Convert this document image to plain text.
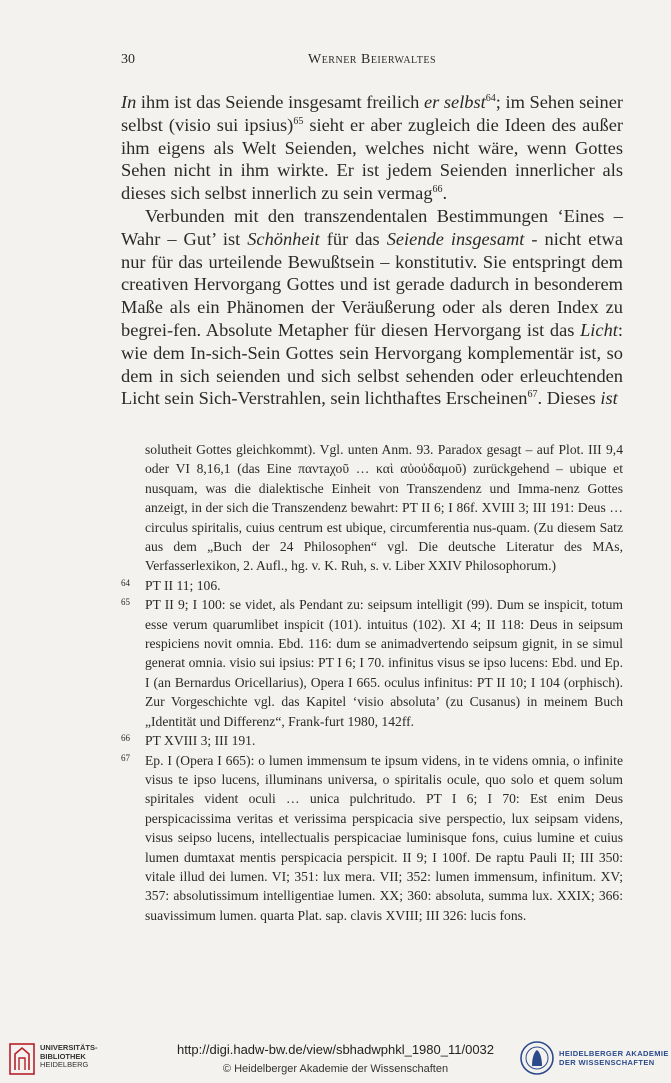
30	Werner Beierwaltes

In ihm ist das Seiende insgesamt freilich er selbst$^{64}$; im Sehen seiner selbst (visio sui ipsius)$^{65}$ sieht er aber zugleich die Ideen des außer ihm eigens als Welt Seienden, welches nicht wäre, wenn Gottes Sehen nicht in ihm wirkte. Er ist jedem Seienden innerlicher als dieses sich selbst innerlich zu sein vermag$^{66}$.

Verbunden mit den transzendentalen Bestimmungen ‘Eines – Wahr – Gut’ ist Schönheit für das Seiende insgesamt - nicht etwa nur für das urteilende Bewußtsein – konstitutiv. Sie entspringt dem creativen Hervorgang Gottes und ist gerade dadurch in besonderem Maße als ein Phänomen der Veräußerung oder als deren Index zu begrei-fen. Absolute Metapher für diesen Hervorgang ist das Licht: wie dem In-sich-Sein Gottes sein Hervorgang komplementär ist, so dem in sich seienden und sich selbst sehenden oder erleuchtenden Licht sein Sich-Verstrahlen, sein lichthaftes Erscheinen$^{67}$. Dieses ist

solutheit Gottes gleichkommt). Vgl. unten Anm. 93. Paradox gesagt – auf Plot. III 9,4 oder VI 8,16,1 (das Eine παντaχοῦ … καὶ αὐοὐδαμοῦ) zurückgehend – ubique et nusquam, was die dialektische Einheit von Transzendenz und Imma-nenz Gottes anzeigt, in der sich die Transzendenz bewahrt: PT II 6; I 86f. XVIII 3; III 191: Deus … circulus spiritalis, cuius centrum est ubique, circumferentia nus-quam. (Zu diesem Satz aus dem „Buch der 24 Philosophen“ vgl. Die deutsche Literatur des MAs, Verfasserlexikon, 2. Aufl., hg. v. K. Ruh, s. v. Liber XXIV Philosophorum.)

64 PT II 11; 106.

65 PT II 9; I 100: se videt, als Pendant zu: seipsum intelligit (99). Dum se inspicit, totum esse verum quarumlibet inspicit (101). intuitus (102). XI 4; II 118: Deus in seipsum respiciens novit omnia. Ebd. 116: dum se animadvertendo seipsum gignit, in se simul generat omnia. visio sui ipsius: PT I 6; I 70. infinitus visus se ipso lucens: Ebd. und Ep. I (an Bernardus Oricellarius), Opera I 665. oculus infinitus: PT II 10; I 104 (orphisch). Zur Vorgeschichte vgl. das Kapitel ‘visio absoluta’ (zu Cusanus) in meinem Buch „Identität und Differenz“, Frank-furt 1980, 142ff.

66 PT XVIII 3; III 191.

67 Ep. I (Opera I 665): o lumen immensum te ipsum videns, in te videns omnia, o infinite visus te ipso lucens, illuminans universa, o spiritalis ocule, quo solo et quem solum spiritales vident oculi … unica pulchritudo. PT I 6; I 70: Est enim Deus perspicacissima veritas et verissima perspicacia sive perspectio, lux seipsam videns, visus seipso lucens, intellectualis perspicaciae luminisque fons, cuius lumine et cuius lumen dumtaxat mentis perspicacia perspicit. II 9; I 100f. De raptu Pauli II; III 350: vitale illud dei lumen. VI; 351: lux mera. VII; 352: lumen immensum, infinitum. XV; 357: absolutissimum intelligentiae lumen. XX; 360: absoluta, summa lux. XXIX; 366: suavissimum lumen. quarta Plat. sap. clavis XVIII; III 326: lucis fons.

UNIVERSITÄTS-
BIBLIOTHEK
HEIDELBERG
http://digi.hadw-bw.de/view/sbhadwphkl_1980_11/0032
© Heidelberger Akademie der Wissenschaften
HEIDELBERGER AKADEMIE
DER WISSENSCHAFTEN
